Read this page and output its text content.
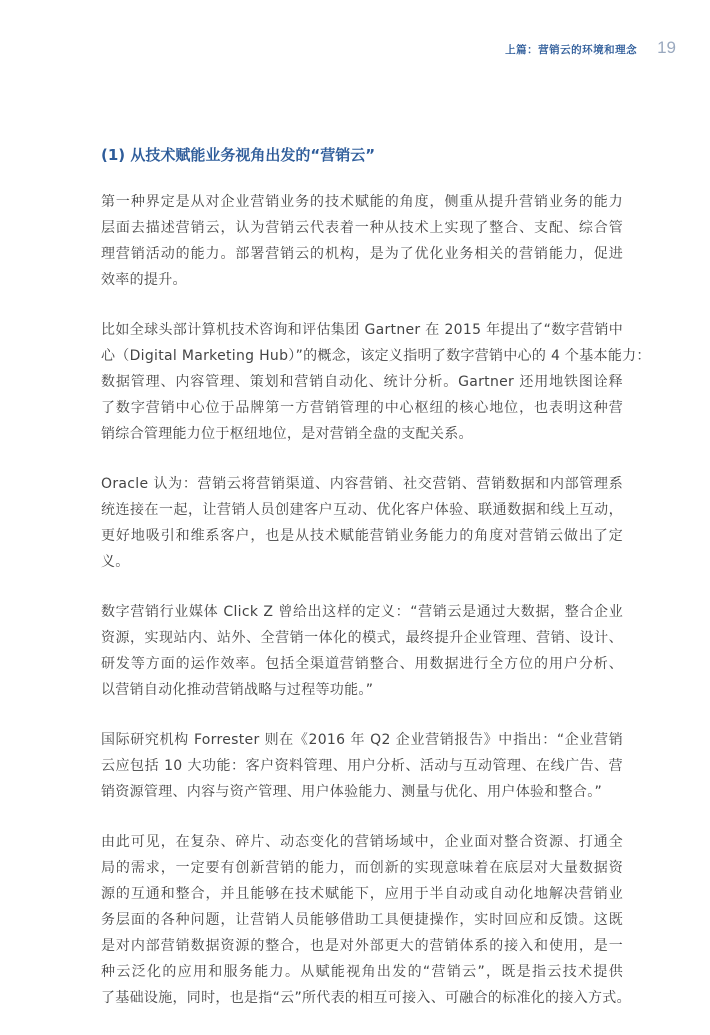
上篇：营销云的环境和理念 19
(1) 从技术赋能业务视角出发的“营销云”
第一种界定是从对企业营销业务的技术赋能的角度，侧重从提升营销业务的能力
层面去描述营销云，认为营销云代表着一种从技术上实现了整合、支配、综合管
理营销活动的能力。部署营销云的机构，是为了优化业务相关的营销能力，促进
效率的提升。
比如全球头部计算机技术咨询和评估集团 Gartner 在 2015 年提出了“数字营销中
心（Digital Marketing Hub）”的概念，该定义指明了数字营销中心的 4 个基本能力：
数据管理、内容管理、策划和营销自动化、统计分析。Gartner 还用地铁图诠释
了数字营销中心位于品牌第一方营销管理的中心枢纽的核心地位，也表明这种营
销综合管理能力位于枢纽地位，是对营销全盘的支配关系。
Oracle 认为：营销云将营销渠道、内容营销、社交营销、营销数据和内部管理系
统连接在一起，让营销人员创建客户互动、优化客户体验、联通数据和线上互动，
更好地吸引和维系客户，也是从技术赋能营销业务能力的角度对营销云做出了定
义。
数字营销行业媒体 Click Z 曾给出这样的定义：“营销云是通过大数据，整合企业
资源，实现站内、站外、全营销一体化的模式，最终提升企业管理、营销、设计、
研发等方面的运作效率。包括全渠道营销整合、用数据进行全方位的用户分析、
以营销自动化推动营销战略与过程等功能。”
国际研究机构 Forrester 则在《2016 年 Q2 企业营销报告》中指出：“企业营销
云应包括 10 大功能：客户资料管理、用户分析、活动与互动管理、在线广告、营
销资源管理、内容与资产管理、用户体验能力、测量与优化、用户体验和整合。”
由此可见，在复杂、碎片、动态变化的营销场域中，企业面对整合资源、打通全
局的需求，一定要有创新营销的能力，而创新的实现意味着在底层对大量数据资
源的互通和整合，并且能够在技术赋能下，应用于半自动或自动化地解决营销业
务层面的各种问题，让营销人员能够借助工具便捷操作，实时回应和反馈。这既
是对内部营销数据资源的整合，也是对外部更大的营销体系的接入和使用，是一
种云泛化的应用和服务能力。从赋能视角出发的“营销云”，既是指云技术提供
了基础设施，同时，也是指“云”所代表的相互可接入、可融合的标准化的接入方式。
